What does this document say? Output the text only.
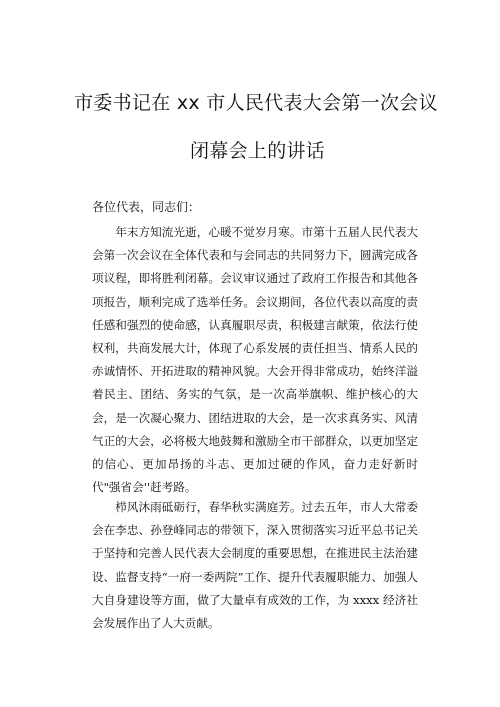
市委书记在 xx 市人民代表大会第一次会议
闭幕会上的讲话
各位代表，同志们：
年末方知流光逝，心暖不觉岁月寒。市第十五届人民代表大会第一次会议在全体代表和与会同志的共同努力下，圆满完成各项议程，即将胜利闭幕。会议审议通过了政府工作报告和其他各项报告，顺利完成了选举任务。会议期间，各位代表以高度的责任感和强烈的使命感，认真履职尽责，积极建言献策，依法行使权利，共商发展大计，体现了心系发展的责任担当、情系人民的赤诚情怀、开拓进取的精神风貌。大会开得非常成功，始终洋溢着民主、团结、务实的气氛，是一次高举旗帜、维护核心的大会，是一次凝心聚力、团结进取的大会，是一次求真务实、风清气正的大会，必将极大地鼓舞和激励全市干部群众，以更加坚定的信心、更加昂扬的斗志、更加过硬的作风，奋力走好新时代"强省会''赶考路。
栉风沐雨砥砺行，春华秋实满庭芳。过去五年，市人大常委会在李忠、孙登峰同志的带领下，深入贯彻落实习近平总书记关于坚持和完善人民代表大会制度的重要思想，在推进民主法治建设、监督支持“一府一委两院”工作、提升代表履职能力、加强人大自身建设等方面，做了大量卓有成效的工作，为 xxxx 经济社会发展作出了人大贡献。
